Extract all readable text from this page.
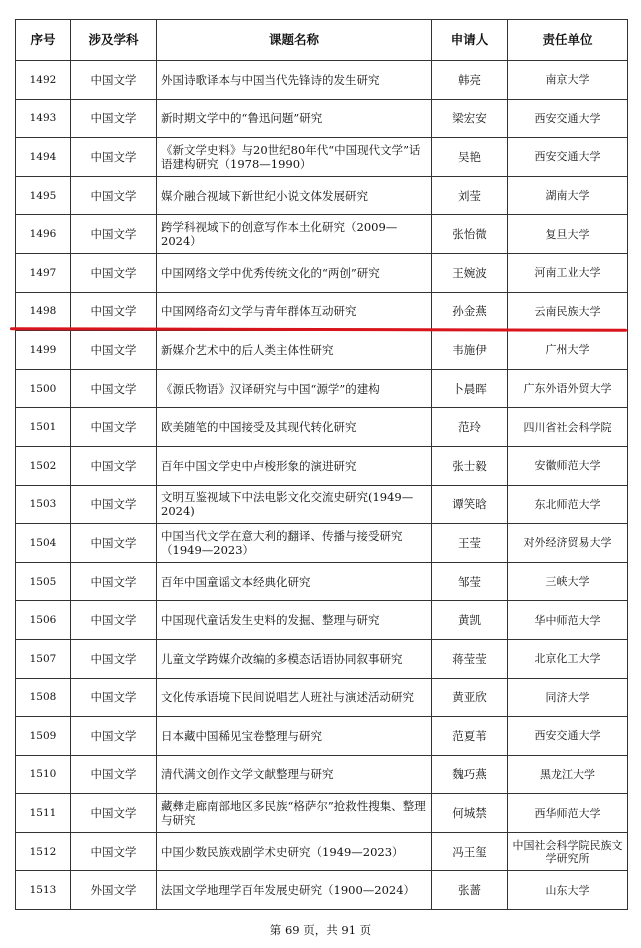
序号	涉及学科	课题名称	申请人	责任单位
1492	中国文学	外国诗歌译本与中国当代先锋诗的发生研究	韩亮	南京大学
1493	中国文学	新时期文学中的“鲁迅问题”研究	梁宏安	西安交通大学
1494	中国文学	《新文学史料》与20世纪80年代“中国现代文学”话语建构研究（1978—1990）	吴艳	西安交通大学
1495	中国文学	媒介融合视域下新世纪小说文体发展研究	刘莹	湖南大学
1496	中国文学	跨学科视域下的创意写作本土化研究（2009—2024）	张怡微	复旦大学
1497	中国文学	中国网络文学中优秀传统文化的“两创”研究	王婉波	河南工业大学
1498	中国文学	中国网络奇幻文学与青年群体互动研究	孙金燕	云南民族大学
1499	中国文学	新媒介艺术中的后人类主体性研究	韦施伊	广州大学
1500	中国文学	《源氏物语》汉译研究与中国“源学”的建构	卜晨晖	广东外语外贸大学
1501	中国文学	欧美随笔的中国接受及其现代转化研究	范玲	四川省社会科学院
1502	中国文学	百年中国文学史中卢梭形象的演进研究	张士毅	安徽师范大学
1503	中国文学	文明互鉴视域下中法电影文化交流史研究(1949—2024)	谭笑晗	东北师范大学
1504	中国文学	中国当代文学在意大利的翻译、传播与接受研究（1949—2023）	王莹	对外经济贸易大学
1505	中国文学	百年中国童谣文本经典化研究	邹莹	三峡大学
1506	中国文学	中国现代童话发生史料的发掘、整理与研究	黄凯	华中师范大学
1507	中国文学	儿童文学跨媒介改编的多模态话语协同叙事研究	蒋莹莹	北京化工大学
1508	中国文学	文化传承语境下民间说唱艺人班社与演述活动研究	黄亚欣	同济大学
1509	中国文学	日本藏中国稀见宝卷整理与研究	范夏苇	西安交通大学
1510	中国文学	清代满文创作文学文献整理与研究	魏巧燕	黑龙江大学
1511	中国文学	藏彝走廊南部地区多民族“格萨尔”抢救性搜集、整理与研究	何城禁	西华师范大学
1512	中国文学	中国少数民族戏剧学术史研究（1949—2023）	冯王玺	中国社会科学院民族文学研究所
1513	外国文学	法国文学地理学百年发展史研究（1900—2024）	张蔷	山东大学
第 69 页，共 91 页
